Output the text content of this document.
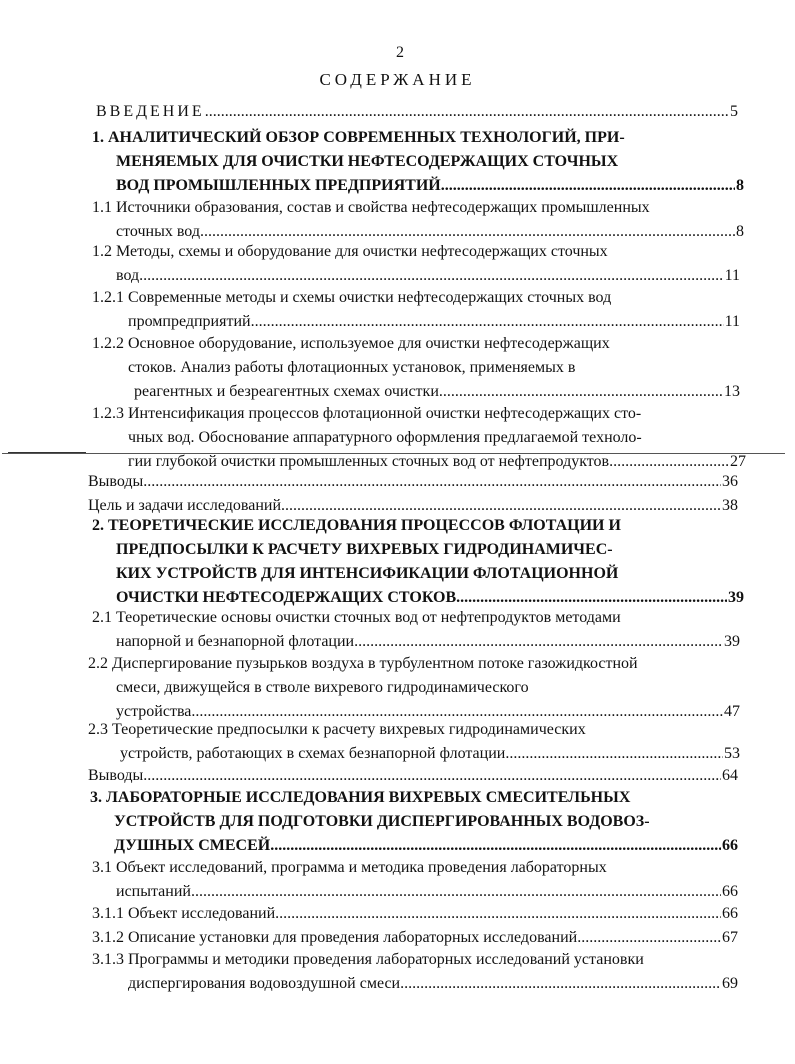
2
СОДЕРЖАНИЕ
ВВЕДЕНИЕ .....	5
1. АНАЛИТИЧЕСКИЙ ОБЗОР СОВРЕМЕННЫХ ТЕХНОЛОГИЙ, ПРИ-
МЕНЯЕМЫХ ДЛЯ ОЧИСТКИ НЕФТЕСОДЕРЖАЩИХ СТОЧНЫХ
ВОД ПРОМЫШЛЕННЫХ ПРЕДПРИЯТИЙ .....	8
1.1 Источники образования, состав и свойства нефтесодержащих промышленных
сточных вод .....	8
1.2 Методы, схемы и оборудование для очистки нефтесодержащих сточных
вод .....	11
1.2.1 Современные методы и схемы очистки нефтесодержащих сточных вод
промпредприятий .....	11
1.2.2 Основное оборудование, используемое для очистки нефтесодержащих
стоков. Анализ работы флотационных установок, применяемых в
реагентных и безреагентных схемах очистки .....	13
1.2.3 Интенсификация процессов флотационной очистки нефтесодержащих сто-
чных вод. Обоснование аппаратурного оформления предлагаемой техноло-
гии глубокой очистки промышленных сточных вод от нефтепродуктов .....	27
Выводы .....	36
Цель и задачи исследований .....	38
2. ТЕОРЕТИЧЕСКИЕ ИССЛЕДОВАНИЯ ПРОЦЕССОВ ФЛОТАЦИИ И
ПРЕДПОСЫЛКИ К РАСЧЕТУ ВИХРЕВЫХ ГИДРОДИНАМИЧЕС-
КИХ УСТРОЙСТВ ДЛЯ ИНТЕНСИФИКАЦИИ ФЛОТАЦИОННОЙ
ОЧИСТКИ НЕФТЕСОДЕРЖАЩИХ СТОКОВ .....	39
2.1 Теоретические основы очистки сточных вод от нефтепродуктов методами
напорной и безнапорной флотации .....	39
2.2 Диспергирование пузырьков воздуха в турбулентном потоке газожидкостной
смеси, движущейся в стволе вихревого гидродинамического
устройства .....	47
2.3 Теоретические предпосылки к расчету вихревых гидродинамических
устройств, работающих в схемах безнапорной флотации .....	53
Выводы .....	64
3. ЛАБОРАТОРНЫЕ ИССЛЕДОВАНИЯ ВИХРЕВЫХ СМЕСИТЕЛЬНЫХ
УСТРОЙСТВ ДЛЯ ПОДГОТОВКИ ДИСПЕРГИРОВАННЫХ ВОДОВОЗ-
ДУШНЫХ СМЕСЕЙ .....	66
3.1 Объект исследований, программа и методика проведения лабораторных
испытаний .....	66
3.1.1 Объект исследований .....	66
3.1.2 Описание установки для проведения лабораторных исследований .....	67
3.1.3 Программы и методики проведения лабораторных исследований установки
диспергирования водовоздушной смеси .....	69
